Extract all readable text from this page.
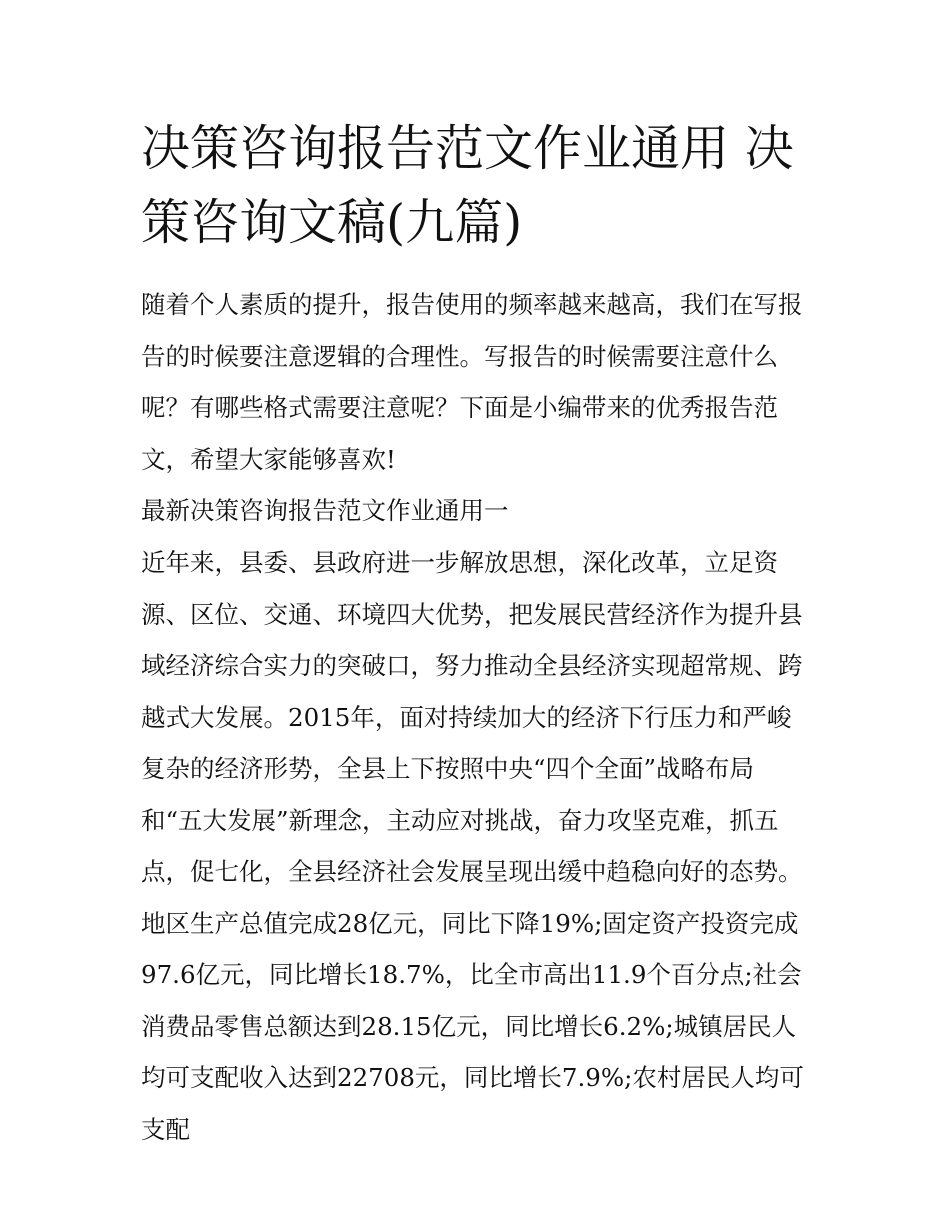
决策咨询报告范文作业通用 决策咨询文稿(九篇)

随着个人素质的提升，报告使用的频率越来越高，我们在写报告的时候要注意逻辑的合理性。写报告的时候需要注意什么呢？有哪些格式需要注意呢？下面是小编带来的优秀报告范文，希望大家能够喜欢!

最新决策咨询报告范文作业通用一

近年来，县委、县政府进一步解放思想，深化改革，立足资源、区位、交通、环境四大优势，把发展民营经济作为提升县域经济综合实力的突破口，努力推动全县经济实现超常规、跨越式大发展。2015年，面对持续加大的经济下行压力和严峻复杂的经济形势，全县上下按照中央“四个全面”战略布局和“五大发展”新理念，主动应对挑战，奋力攻坚克难，抓五点，促七化，全县经济社会发展呈现出缓中趋稳向好的态势。地区生产总值完成28亿元，同比下降19%;固定资产投资完成97.6亿元，同比增长18.7%，比全市高出11.9个百分点;社会消费品零售总额达到28.15亿元，同比增长6.2%;城镇居民人均可支配收入达到22708元，同比增长7.9%;农村居民人均可支配
